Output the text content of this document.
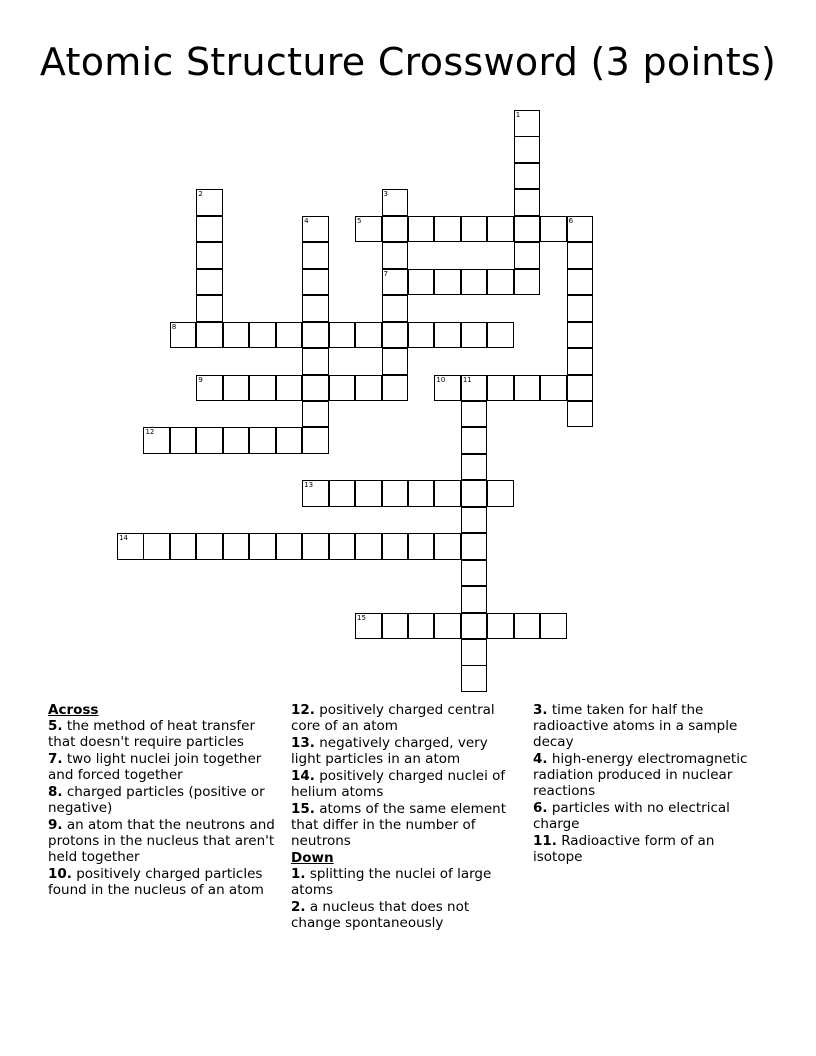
Atomic Structure Crossword (3 points)
1
2	3
7
4	5	6
8
9	10	11
12
13
14
15
Across
5. the method of heat transfer that doesn't require particles
7. two light nuclei join together and forced together
8. charged particles (positive or negative)
9. an atom that the neutrons and protons in the nucleus that aren't held together
10. positively charged particles found in the nucleus of an atom
12. positively charged central core of an atom
13. negatively charged, very light particles in an atom
14. positively charged nuclei of helium atoms
15. atoms of the same element that differ in the number of neutrons
Down
1. splitting the nuclei of large atoms
2. a nucleus that does not change spontaneously
3. time taken for half the radioactive atoms in a sample decay
4. high-energy electromagnetic radiation produced in nuclear reactions
6. particles with no electrical charge
11. Radioactive form of an isotope
